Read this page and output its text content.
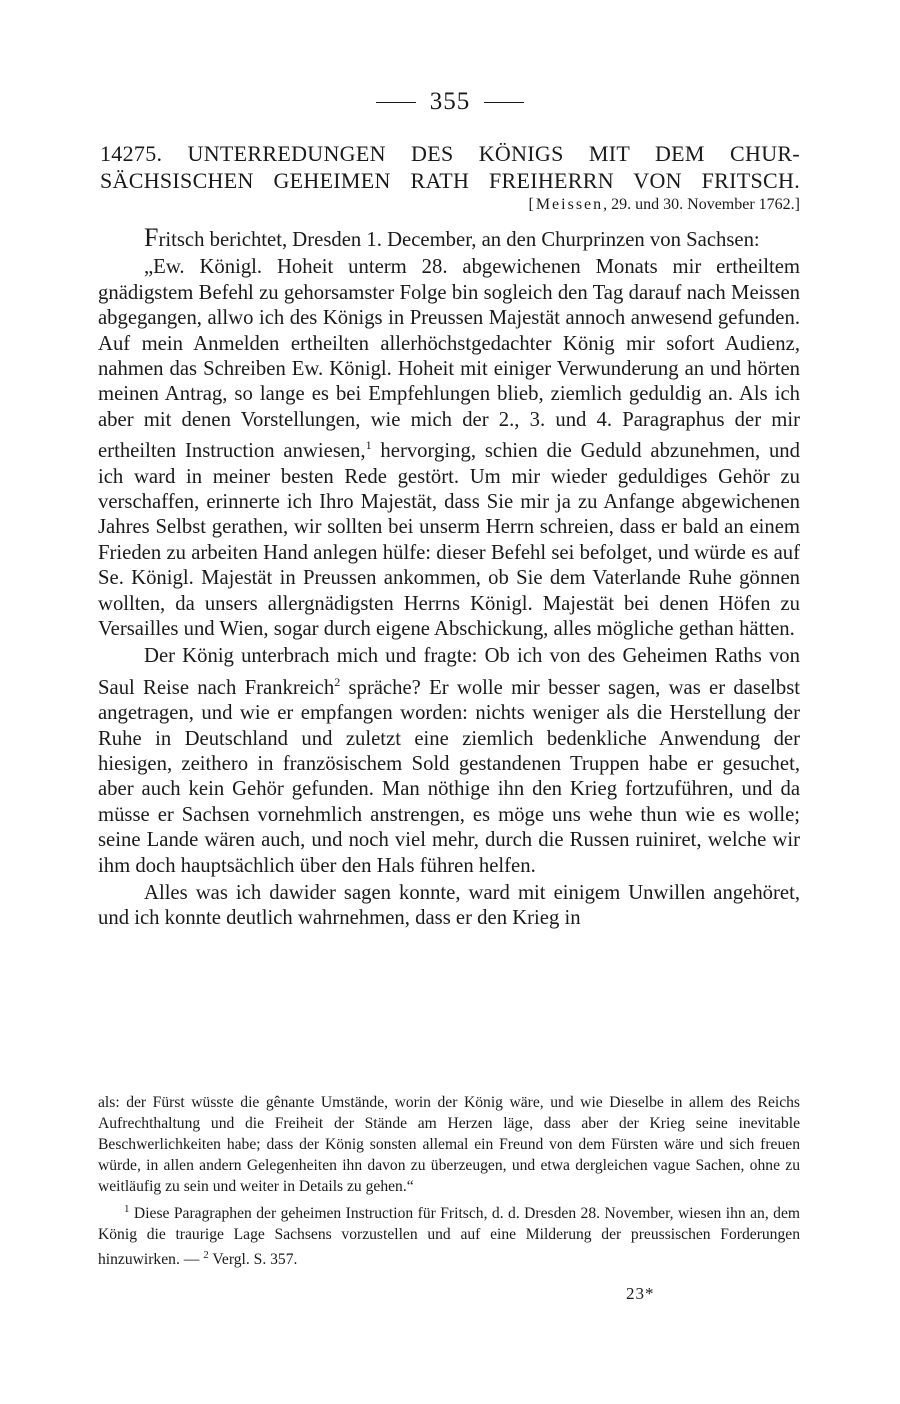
355
14275. UNTERREDUNGEN DES KÖNIGS MIT DEM CHUR-
SÄCHSISCHEN GEHEIMEN RATH FREIHERRN VON FRITSCH.
[Meissen, 29. und 30. November 1762.]

Fritsch berichtet, Dresden 1. December, an den Churprinzen von Sachsen:

„Ew. Königl. Hoheit unterm 28. abgewichenen Monats mir ertheiltem gnädigstem Befehl zu gehorsamster Folge bin sogleich den Tag darauf nach Meissen abgegangen, allwo ich des Königs in Preussen Majestät annoch anwesend gefunden. Auf mein Anmelden ertheilten allerhöchstgedachter König mir sofort Audienz, nahmen das Schreiben Ew. Königl. Hoheit mit einiger Verwunderung an und hörten meinen Antrag, so lange es bei Empfehlungen blieb, ziemlich geduldig an. Als ich aber mit denen Vorstellungen, wie mich der 2., 3. und 4. Paragraphus der mir ertheilten Instruction anwiesen,$^1$ hervorging, schien die Geduld abzunehmen, und ich ward in meiner besten Rede gestört. Um mir wieder geduldiges Gehör zu verschaffen, erinnerte ich Ihro Majestät, dass Sie mir ja zu Anfange abgewichenen Jahres Selbst gerathen, wir sollten bei unserm Herrn schreien, dass er bald an einem Frieden zu arbeiten Hand anlegen hülfe: dieser Befehl sei befolget, und würde es auf Se. Königl. Majestät in Preussen ankommen, ob Sie dem Vaterlande Ruhe gönnen wollten, da unsers allergnädigsten Herrns Königl. Majestät bei denen Höfen zu Versailles und Wien, sogar durch eigene Abschickung, alles mögliche gethan hätten.

Der König unterbrach mich und fragte: Ob ich von des Geheimen Raths von Saul Reise nach Frankreich$^2$ spräche? Er wolle mir besser sagen, was er daselbst angetragen, und wie er empfangen worden: nichts weniger als die Herstellung der Ruhe in Deutschland und zuletzt eine ziemlich bedenkliche Anwendung der hiesigen, zeithero in französischem Sold gestandenen Truppen habe er gesuchet, aber auch kein Gehör gefunden. Man nöthige ihn den Krieg fortzuführen, und da müsse er Sachsen vornehmlich anstrengen, es möge uns wehe thun wie es wolle; seine Lande wären auch, und noch viel mehr, durch die Russen ruiniret, welche wir ihm doch hauptsächlich über den Hals führen helfen.

Alles was ich dawider sagen konnte, ward mit einigem Unwillen angehöret, und ich konnte deutlich wahrnehmen, dass er den Krieg in

als: der Fürst wüsste die gênante Umstände, worin der König wäre, und wie Dieselbe in allem des Reichs Aufrechthaltung und die Freiheit der Stände am Herzen läge, dass aber der Krieg seine inevitable Beschwerlichkeiten habe; dass der König sonsten allemal ein Freund von dem Fürsten wäre und sich freuen würde, in allen andern Gelegenheiten ihn davon zu überzeugen, und etwa dergleichen vague Sachen, ohne zu weitläufig zu sein und weiter in Details zu gehen.“

$^1$ Diese Paragraphen der geheimen Instruction für Fritsch, d. d. Dresden 28. November, wiesen ihn an, dem König die traurige Lage Sachsens vorzustellen und auf eine Milderung der preussischen Forderungen hinzuwirken. — $^2$ Vergl. S. 357.

23*
